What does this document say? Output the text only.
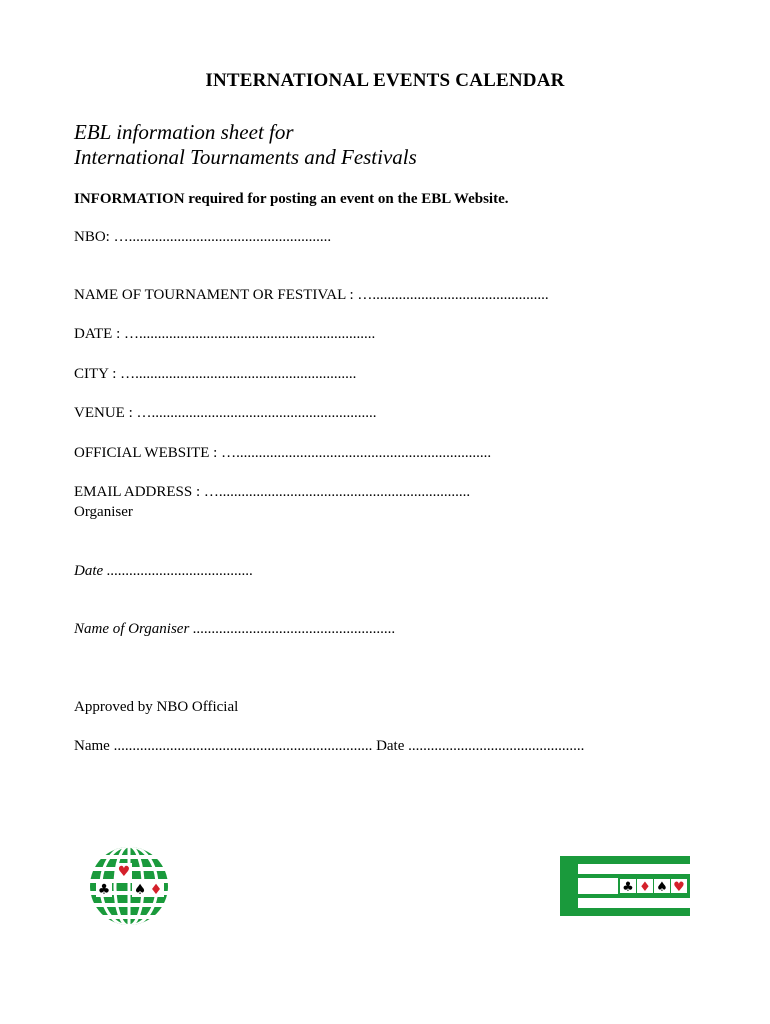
INTERNATIONAL EVENTS CALENDAR
EBL information sheet for
International Tournaments and Festivals
INFORMATION required for posting an event on the EBL Website.
NBO: …......................................................
NAME OF TOURNAMENT OR FESTIVAL : …...............................................
DATE : …...............................................................
CITY : …...........................................................
VENUE : …............................................................
OFFICIAL WEBSITE : …....................................................................
EMAIL ADDRESS : …...................................................................
Organiser
Date .......................................
Name of Organiser ......................................................
Approved by NBO Official
Name ..................................................................... Date ...............................................
♥
♣ ♠ ♦	♣ ♦ ♠ ♥
